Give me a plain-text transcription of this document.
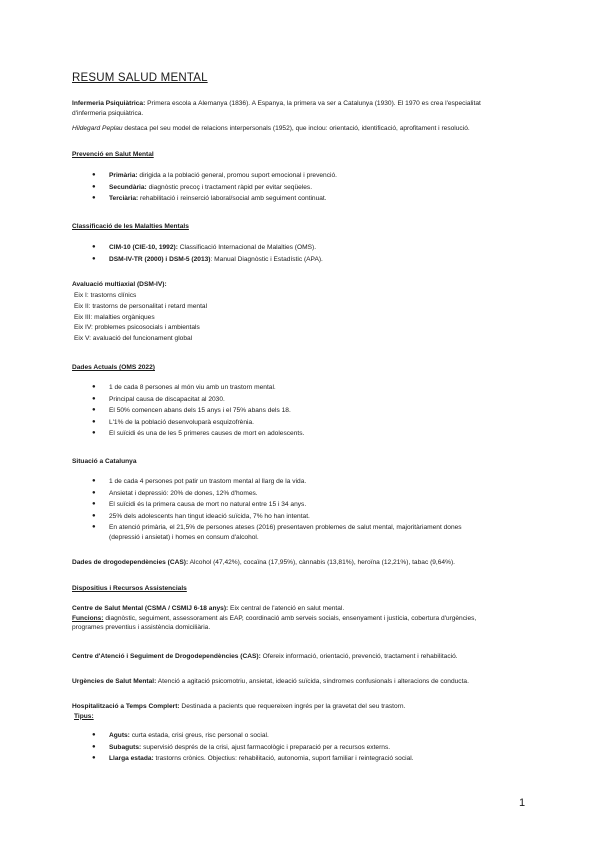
RESUM SALUD MENTAL
Infermeria Psiquiàtrica: Primera escola a Alemanya (1836). A Espanya, la primera va ser a Catalunya (1930). El 1970 es crea l'especialitat
d'infermeria psiquiàtrica.
Hildegard Peplau destaca pel seu model de relacions interpersonals (1952), que inclou: orientació, identificació, aprofitament i resolució.
Prevenció en Salut Mental
● Primària: dirigida a la població general, promou suport emocional i prevenció.
● Secundària: diagnòstic precoç i tractament ràpid per evitar seqüeles.
● Terciària: rehabilitació i reinserció laboral/social amb seguiment continuat.
Classificació de les Malalties Mentals
● CIM-10 (CIE-10, 1992): Classificació Internacional de Malalties (OMS).
● DSM-IV-TR (2000) i DSM-5 (2013): Manual Diagnòstic i Estadístic (APA).
Avaluació multiaxial (DSM-IV):
Eix I: trastorns clínics
Eix II: trastorns de personalitat i retard mental
Eix III: malalties orgàniques
Eix IV: problemes psicosocials i ambientals
Eix V: avaluació del funcionament global
Dades Actuals (OMS 2022)
● 1 de cada 8 persones al món viu amb un trastorn mental.
● Principal causa de discapacitat al 2030.
● El 50% comencen abans dels 15 anys i el 75% abans dels 18.
● L'1% de la població desenvoluparà esquizofrènia.
● El suïcidi és una de les 5 primeres causes de mort en adolescents.
Situació a Catalunya
● 1 de cada 4 persones pot patir un trastorn mental al llarg de la vida.
● Ansietat i depressió: 20% de dones, 12% d'homes.
● El suïcidi és la primera causa de mort no natural entre 15 i 34 anys.
● 25% dels adolescents han tingut ideació suïcida, 7% ho han intentat.
● En atenció primària, el 21,5% de persones ateses (2016) presentaven problemes de salut mental, majoritàriament dones
(depressió i ansietat) i homes en consum d'alcohol.
Dades de drogodependències (CAS): Alcohol (47,42%), cocaïna (17,95%), cànnabis (13,81%), heroïna (12,21%), tabac (9,64%).
Dispositius i Recursos Assistencials
Centre de Salut Mental (CSMA / CSMIJ 6-18 anys): Eix central de l'atenció en salut mental.
Funcions: diagnòstic, seguiment, assessorament als EAP, coordinació amb serveis socials, ensenyament i justícia, cobertura d'urgències,
programes preventius i assistència domiciliària.
Centre d'Atenció i Seguiment de Drogodependències (CAS): Ofereix informació, orientació, prevenció, tractament i rehabilitació.
Urgències de Salut Mental: Atenció a agitació psicomotriu, ansietat, ideació suïcida, síndromes confusionals i alteracions de conducta.
Hospitalització a Temps Complert: Destinada a pacients que requereixen ingrés per la gravetat del seu trastorn.
Tipus:
● Aguts: curta estada, crisi greus, risc personal o social.
● Subaguts: supervisió després de la crisi, ajust farmacològic i preparació per a recursos externs.
● Llarga estada: trastorns crònics. Objectius: rehabilitació, autonomia, suport familiar i reintegració social.
1
